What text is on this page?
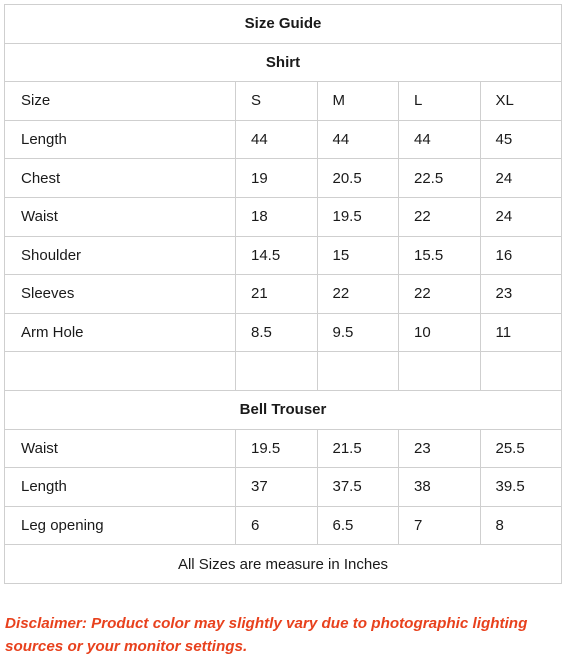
Size Guide				
Shirt				
Size	S	M	L	XL
Length	44	44	44	45
Chest	19	20.5	22.5	24
Waist	18	19.5	22	24
Shoulder	14.5	15	15.5	16
Sleeves	21	22	22	23
Arm Hole	8.5	9.5	10	11

Bell Trouser				
Waist	19.5	21.5	23	25.5
Length	37	37.5	38	39.5
Leg opening	6	6.5	7	8
All Sizes are measure in Inches				

Disclaimer: Product color may slightly vary due to photographic lighting sources or your monitor settings.
